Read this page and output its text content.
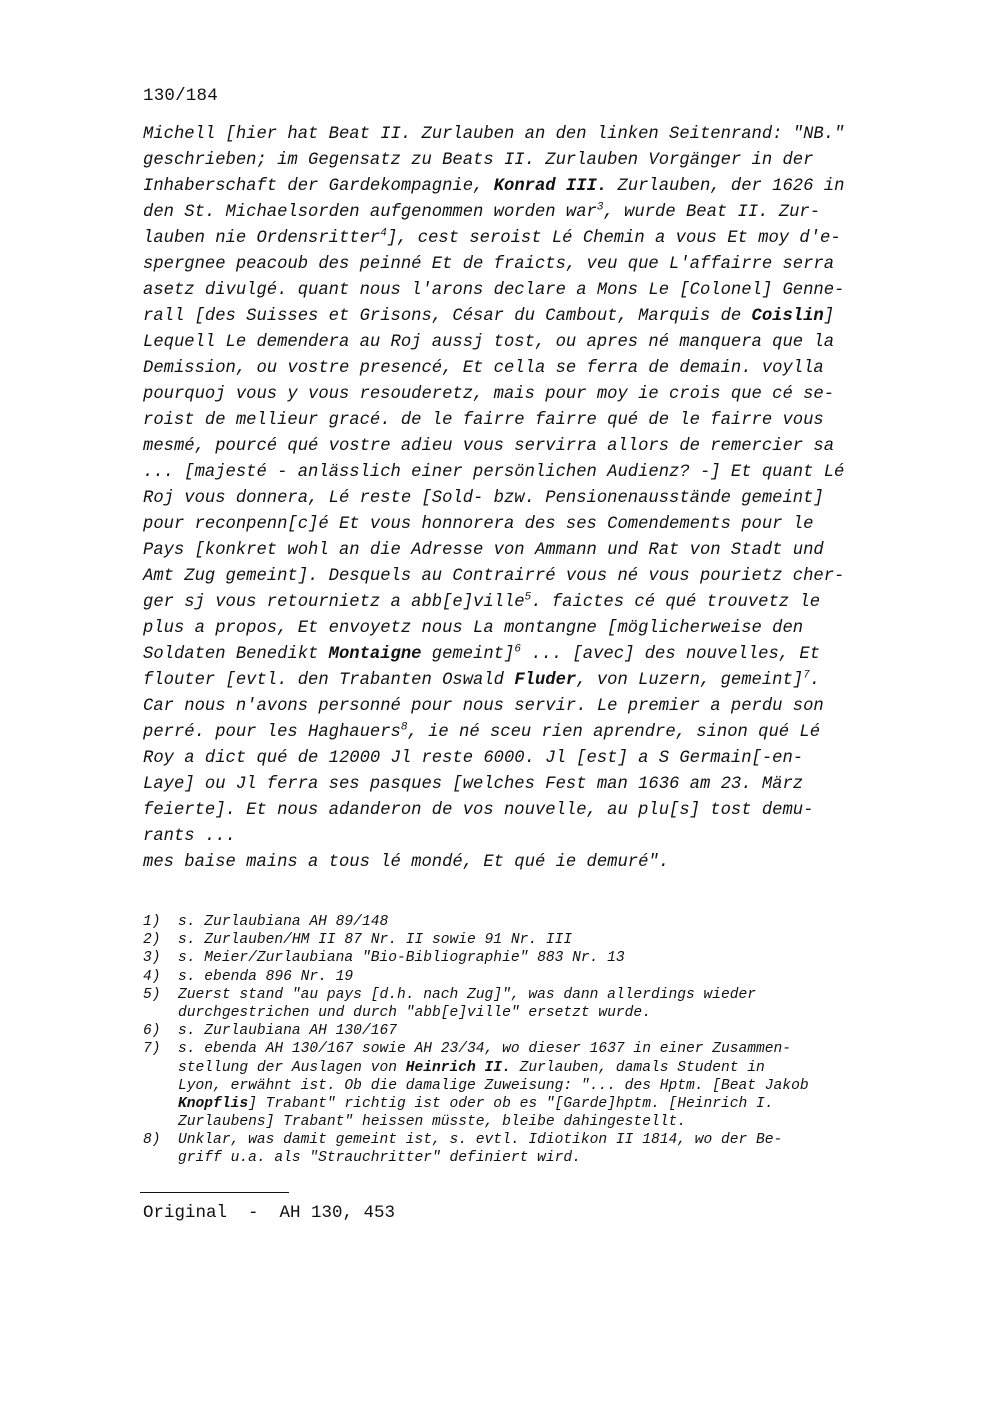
130/184
Michell [hier hat Beat II. Zurlauben an den linken Seitenrand: "NB."
geschrieben; im Gegensatz zu Beats II. Zurlauben Vorgänger in der
Inhaberschaft der Gardekompagnie, Konrad III. Zurlauben, der 1626 in
den St. Michaelsorden aufgenommen worden war$^3$, wurde Beat II. Zur-
lauben nie Ordensritter$^4$], cest seroist Lé Chemin a vous Et moy d'e-
spergnee peacoub des peinné Et de fraicts, veu que L'affairre serra
asetz divulgé. quant nous l'arons declare a Mons Le [Colonel] Genne-
rall [des Suisses et Grisons, César du Cambout, Marquis de Coislin]
Lequell Le demendera au Roj aussj tost, ou apres né manquera que la
Demission, ou vostre presencé, Et cella se ferra de demain. voylla
pourquoj vous y vous resouderetz, mais pour moy ie crois que cé se-
roist de mellieur gracé. de le fairre fairre qué de le fairre vous
mesmé, pourcé qué vostre adieu vous servirra allors de remercier sa
... [majesté - anlässlich einer persönlichen Audienz? -] Et quant Lé
Roj vous donnera, Lé reste [Sold- bzw. Pensionenausstände gemeint]
pour reconpenn[c]é Et vous honnorera des ses Comendements pour le
Pays [konkret wohl an die Adresse von Ammann und Rat von Stadt und
Amt Zug gemeint]. Desquels au Contrairré vous né vous pourietz cher-
ger sj vous retournietz a abb[e]ville$^5$. faictes cé qué trouvetz le
plus a propos, Et envoyetz nous La montangne [möglicherweise den
Soldaten Benedikt Montaigne gemeint]$^6$ ... [avec] des nouvelles, Et
flouter [evtl. den Trabanten Oswald Fluder, von Luzern, gemeint]$^7$.
Car nous n'avons personné pour nous servir. Le premier a perdu son
perré. pour les Haghauers$^8$, ie né sceu rien aprendre, sinon qué Lé
Roy a dict qué de 12000 Jl reste 6000. Jl [est] a S Germain[-en-
Laye] ou Jl ferra ses pasques [welches Fest man 1636 am 23. März
feierte]. Et nous adanderon de vos nouvelle, au plu[s] tost demu-
rants ...
mes baise mains a tous lé mondé, Et qué ie demuré".
1)  s. Zurlaubiana AH 89/148
2)  s. Zurlauben/HM II 87 Nr. II sowie 91 Nr. III
3)  s. Meier/Zurlaubiana "Bio-Bibliographie" 883 Nr. 13
4)  s. ebenda 896 Nr. 19
5)  Zuerst stand "au pays [d.h. nach Zug]", was dann allerdings wieder
durchgestrichen und durch "abb[e]ville" ersetzt wurde.
6)  s. Zurlaubiana AH 130/167
7)  s. ebenda AH 130/167 sowie AH 23/34, wo dieser 1637 in einer Zusammen-
stellung der Auslagen von Heinrich II. Zurlauben, damals Student in
Lyon, erwähnt ist. Ob die damalige Zuweisung: "... des Hptm. [Beat Jakob
Knopflis] Trabant" richtig ist oder ob es "[Garde]hptm. [Heinrich I.
Zurlaubens] Trabant" heissen müsste, bleibe dahingestellt.
8)  Unklar, was damit gemeint ist, s. evtl. Idiotikon II 1814, wo der Be-
griff u.a. als "Strauchritter" definiert wird.
Original  -  AH 130, 453
